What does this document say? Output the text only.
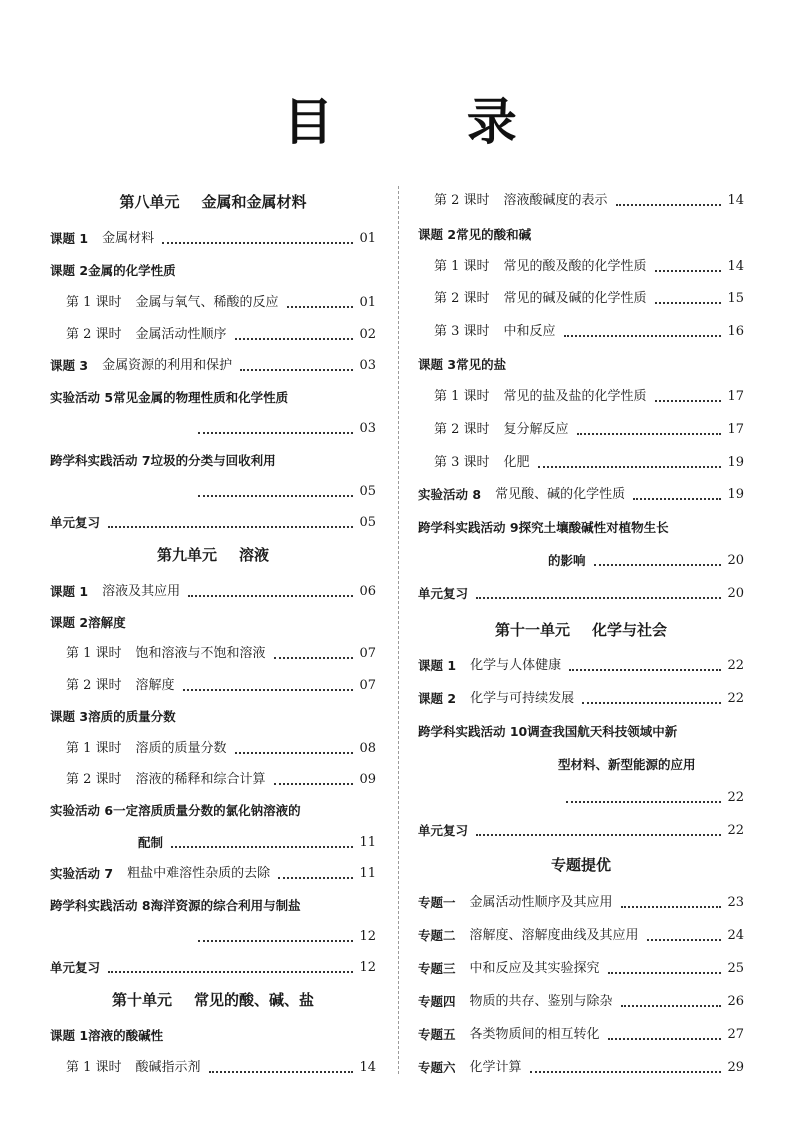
目 录
第八单元 金属和金属材料
课题 1 金属材料	01
课题 2 金属的化学性质
第 1 课时 金属与氧气、稀酸的反应	01
第 2 课时 金属活动性顺序	02
课题 3 金属资源的利用和保护	03
实验活动 5 常见金属的物理性质和化学性质
03
跨学科实践活动 7 垃圾的分类与回收利用
05
单元复习	05
第九单元 溶液
课题 1 溶液及其应用	06
课题 2 溶解度
第 1 课时 饱和溶液与不饱和溶液	07
第 2 课时 溶解度	07
课题 3 溶质的质量分数
第 1 课时 溶质的质量分数	08
第 2 课时 溶液的稀释和综合计算	09
实验活动 6 一定溶质质量分数的氯化钠溶液的
配制	11
实验活动 7 粗盐中难溶性杂质的去除	11
跨学科实践活动 8 海洋资源的综合利用与制盐
12
单元复习	12
第十单元 常见的酸、碱、盐
课题 1 溶液的酸碱性
第 1 课时 酸碱指示剂	14
第 2 课时 溶液酸碱度的表示	14
课题 2 常见的酸和碱
第 1 课时 常见的酸及酸的化学性质	14
第 2 课时 常见的碱及碱的化学性质	15
第 3 课时 中和反应	16
课题 3 常见的盐
第 1 课时 常见的盐及盐的化学性质	17
第 2 课时 复分解反应	17
第 3 课时 化肥	19
实验活动 8 常见酸、碱的化学性质	19
跨学科实践活动 9 探究土壤酸碱性对植物生长
的影响	20
单元复习	20
第十一单元 化学与社会
课题 1 化学与人体健康	22
课题 2 化学与可持续发展	22
跨学科实践活动 10 调查我国航天科技领域中新
型材料、新型能源的应用
22
单元复习	22
专题提优
专题一 金属活动性顺序及其应用	23
专题二 溶解度、溶解度曲线及其应用	24
专题三 中和反应及其实验探究	25
专题四 物质的共存、鉴别与除杂	26
专题五 各类物质间的相互转化	27
专题六 化学计算	29
